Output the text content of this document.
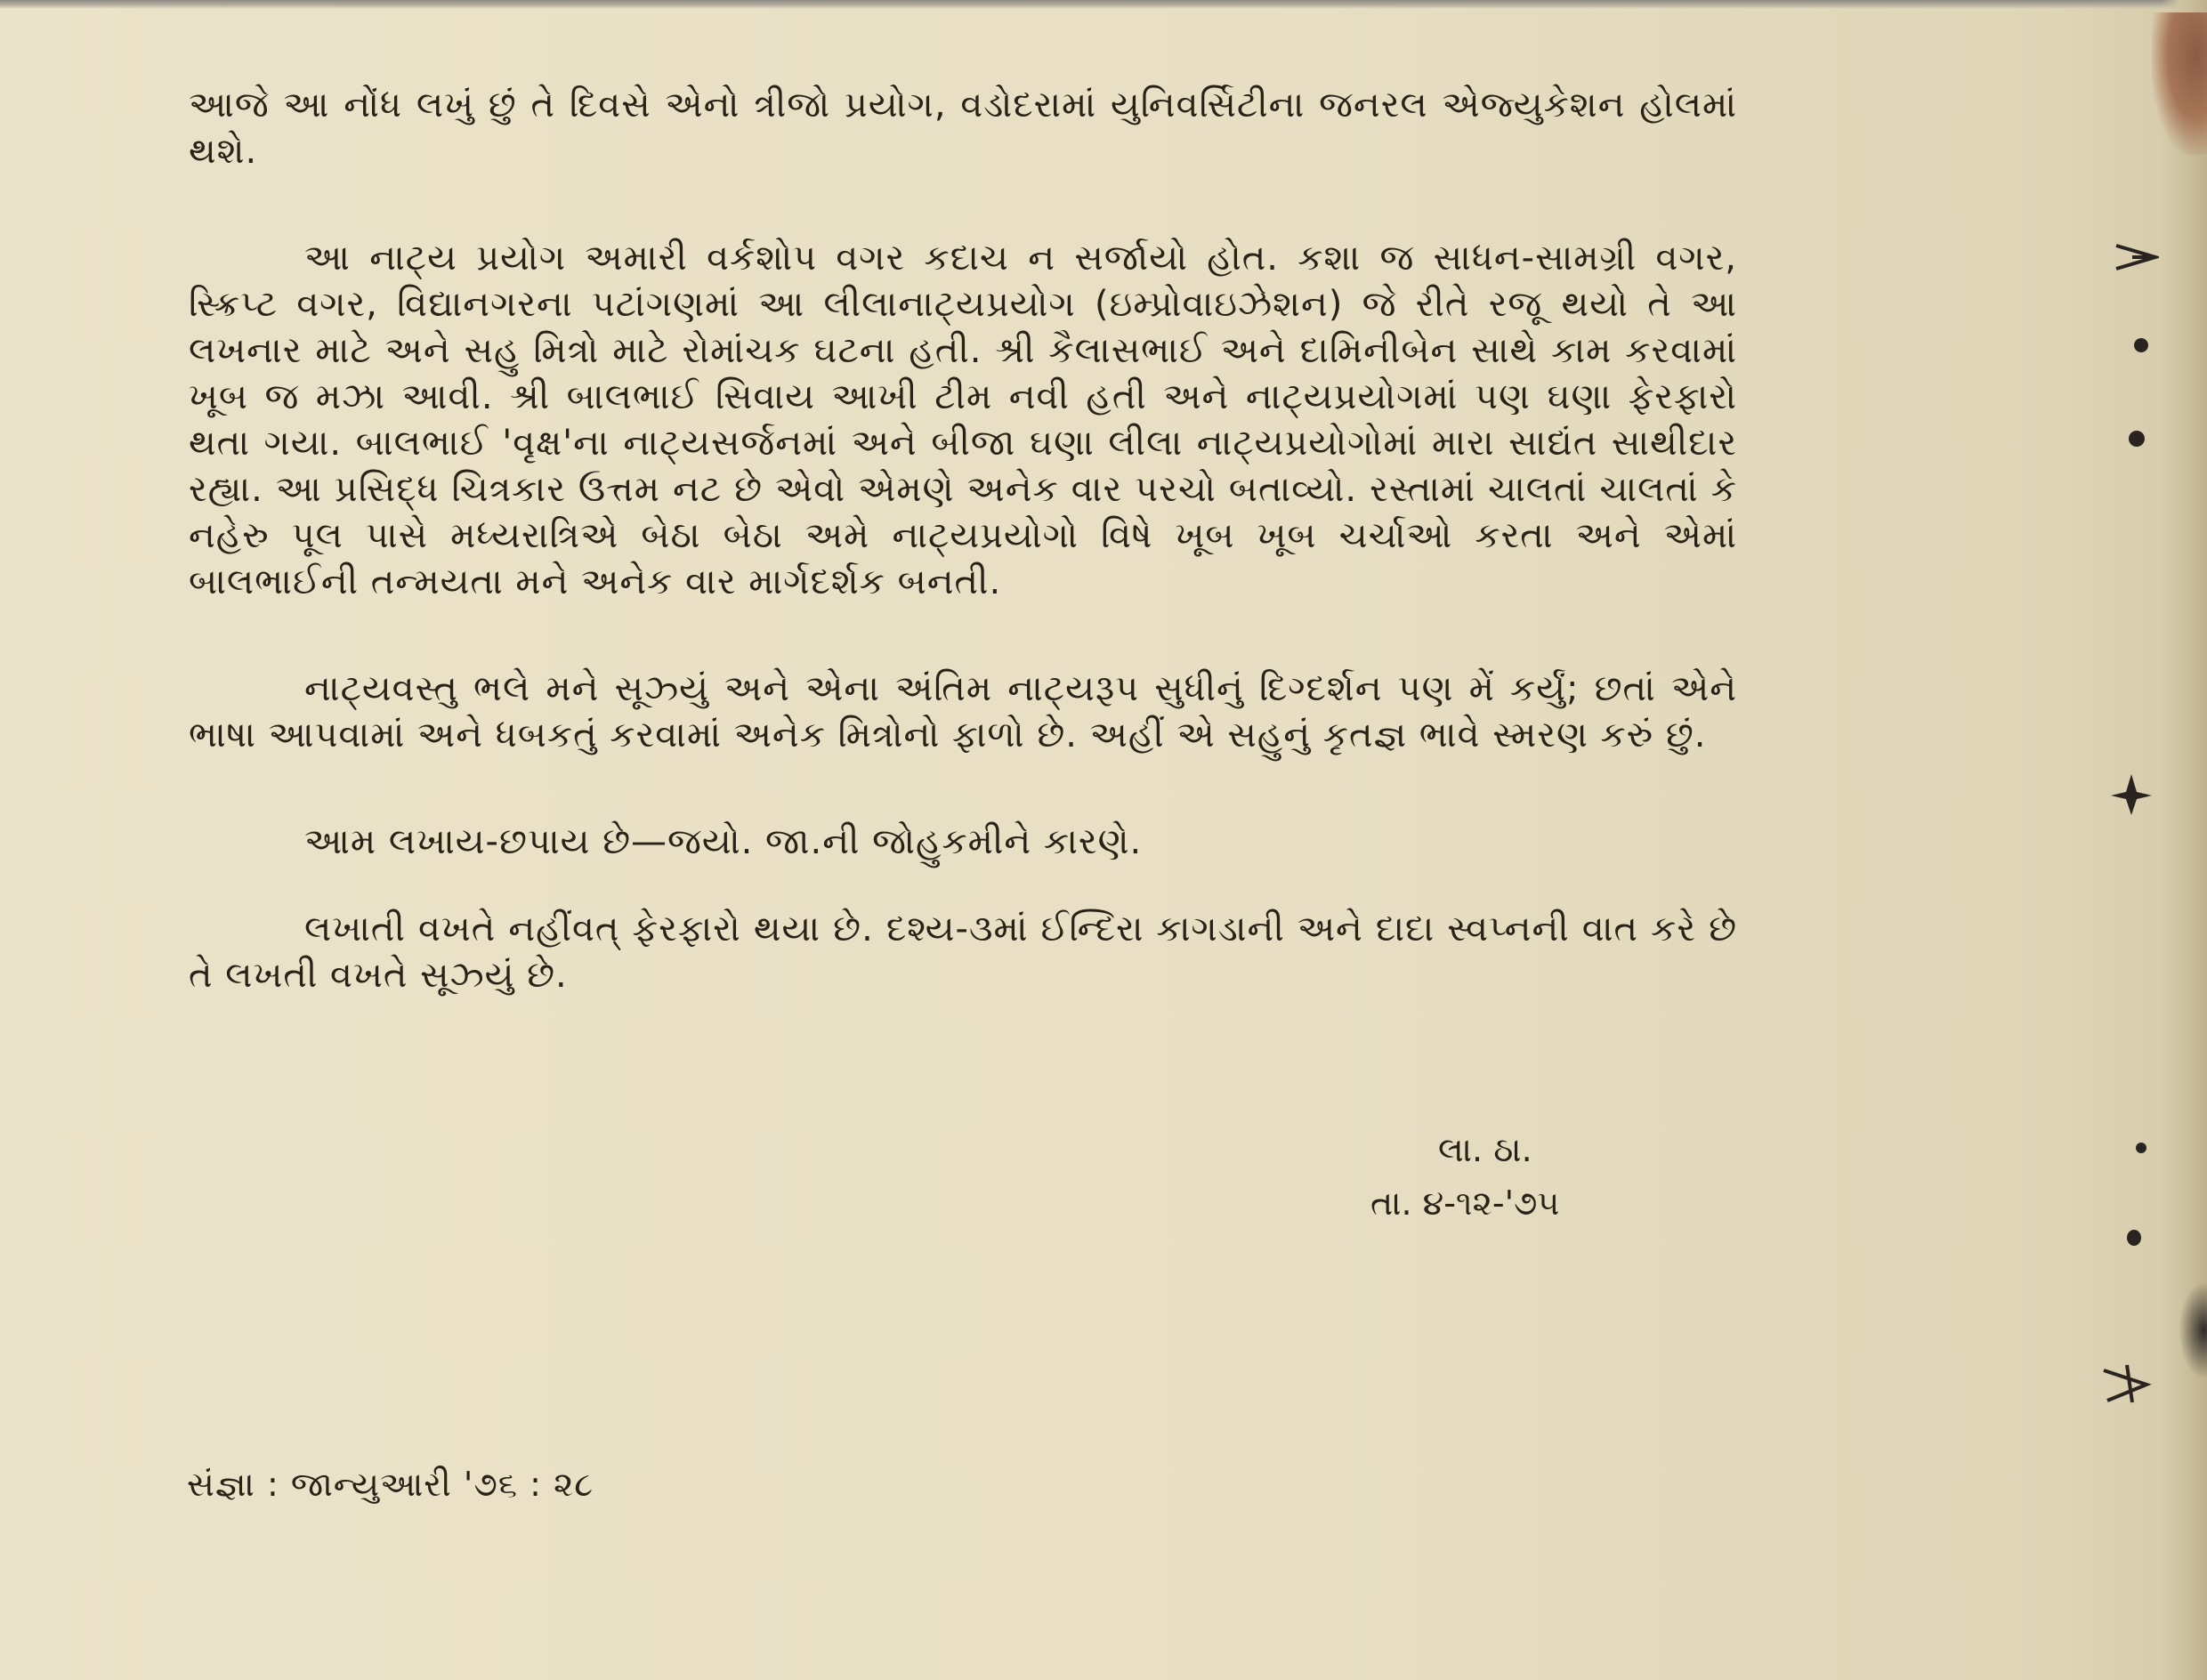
આજે આ નોંધ લખું છું તે દિવસે એનો ત્રીજો પ્રયોગ, વડોદરામાં યુનિવર્સિટીના જનરલ એજ્યુકેશન હોલમાં થશે.

આ નાટ્ય પ્રયોગ અમારી વર્કશોપ વગર કદાચ ન સર્જાયો હોત. કશા જ સાધન-સામગ્રી વગર, સ્ક્રિપ્ટ વગર, વિદ્યાનગરના પટાંગણમાં આ લીલાનાટ્યપ્રયોગ (ઇમ્પ્રોવાઇઝેશન) જે રીતે રજૂ થયો તે આ લખનાર માટે અને સહુ મિત્રો માટે રોમાંચક ઘટના હતી. શ્રી કૈલાસભાઈ અને દામિનીબેન સાથે કામ કરવામાં ખૂબ જ મઝા આવી. શ્રી બાલભાઈ સિવાય આખી ટીમ નવી હતી અને નાટ્યપ્રયોગમાં પણ ઘણા ફેરફારો થતા ગયા. બાલભાઈ 'વૃક્ષ'ના નાટ્યસર્જનમાં અને બીજા ઘણા લીલા નાટ્યપ્રયોગોમાં મારા સાદ્યંત સાથીદાર રહ્યા. આ પ્રસિદ્ધ ચિત્રકાર ઉત્તમ નટ છે એવો એમણે અનેક વાર પરચો બતાવ્યો. રસ્તામાં ચાલતાં ચાલતાં કે નહેરુ પૂલ પાસે મધ્યરાત્રિએ બેઠા બેઠા અમે નાટ્યપ્રયોગો વિષે ખૂબ ખૂબ ચર્ચાઓ કરતા અને એમાં બાલભાઈની તન્મયતા મને અનેક વાર માર્ગદર્શક બનતી.

નાટ્યવસ્તુ ભલે મને સૂઝ્યું અને એના અંતિમ નાટ્યરૂપ સુધીનું દિગ્દર્શન પણ મેં કર્યું; છતાં એને ભાષા આપવામાં અને ધબકતું કરવામાં અનેક મિત્રોનો ફાળો છે. અહીં એ સહુનું કૃતજ્ઞ ભાવે સ્મરણ કરું છું.

આમ લખાય-છપાય છે—જયો. જા.ની જોહુકમીને કારણે.

લખાતી વખતે નહીંવત્ ફેરફારો થયા છે. દશ્ય-૩માં ઈન્દિરા કાગડાની અને દાદા સ્વપ્નની વાત કરે છે તે લખતી વખતે સૂઝ્યું છે.

લા. ઠા.
તા. ૪-૧૨-'૭૫
સંજ્ઞા : જાન્યુઆરી '૭૬ : ૨૮
